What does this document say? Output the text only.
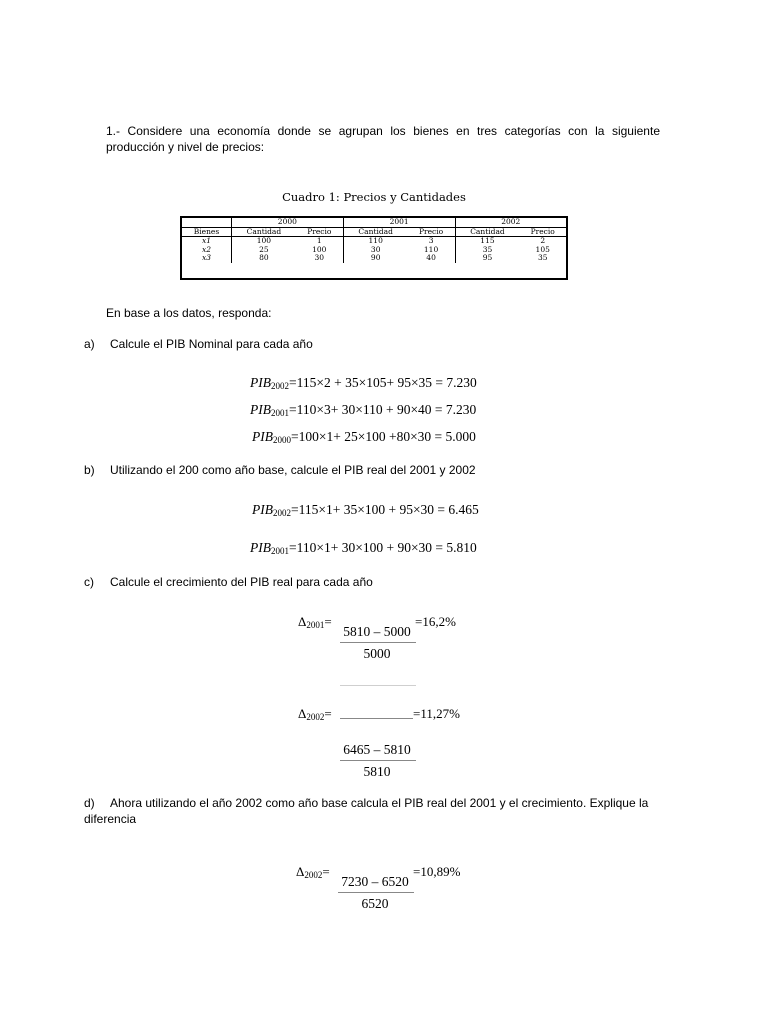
1.- Considere una economía donde se agrupan los bienes en tres categorías con la siguiente producción y nivel de precios:
Cuadro 1: Precios y Cantidades
	2000		2001		2002	
Bienes	Cantidad	Precio	Cantidad	Precio	Cantidad	Precio
x1	100	1	110	3	115	2
x2	25	100	30	110	35	105
x3	80	30	90	40	95	35
En base a los datos, responda:
a) Calcule el PIB Nominal para cada año
$PIB_{2002}=115\times 2 + 35\times 105+ 95\times 35 = 7.230$
$PIB_{2001}=110\times 3+ 30\times 110 + 90\times 40 = 7.230$
$PIB_{2000}=100\times 1+ 25\times 100 +80\times 30 = 5.000$
b) Utilizando el 200 como año base, calcule el PIB real del 2001 y 2002
$PIB_{2002}=115\times 1+ 35\times 100 + 95\times 30 = 6.465$
$PIB_{2001}=110\times 1+ 30\times 100 + 90\times 30 = 5.810$
c) Calcule el crecimiento del PIB real para cada año
$\Delta_{2001}=$	=16,2%
5810 – 5000
5000
$\Delta_{2002}=$	=11,27%
6465 – 5810
5810
d) Ahora utilizando el año 2002 como año base calcula el PIB real del 2001 y el crecimiento. Explique la diferencia
$\Delta_{2002}=$	=10,89%
7230 – 6520
6520
